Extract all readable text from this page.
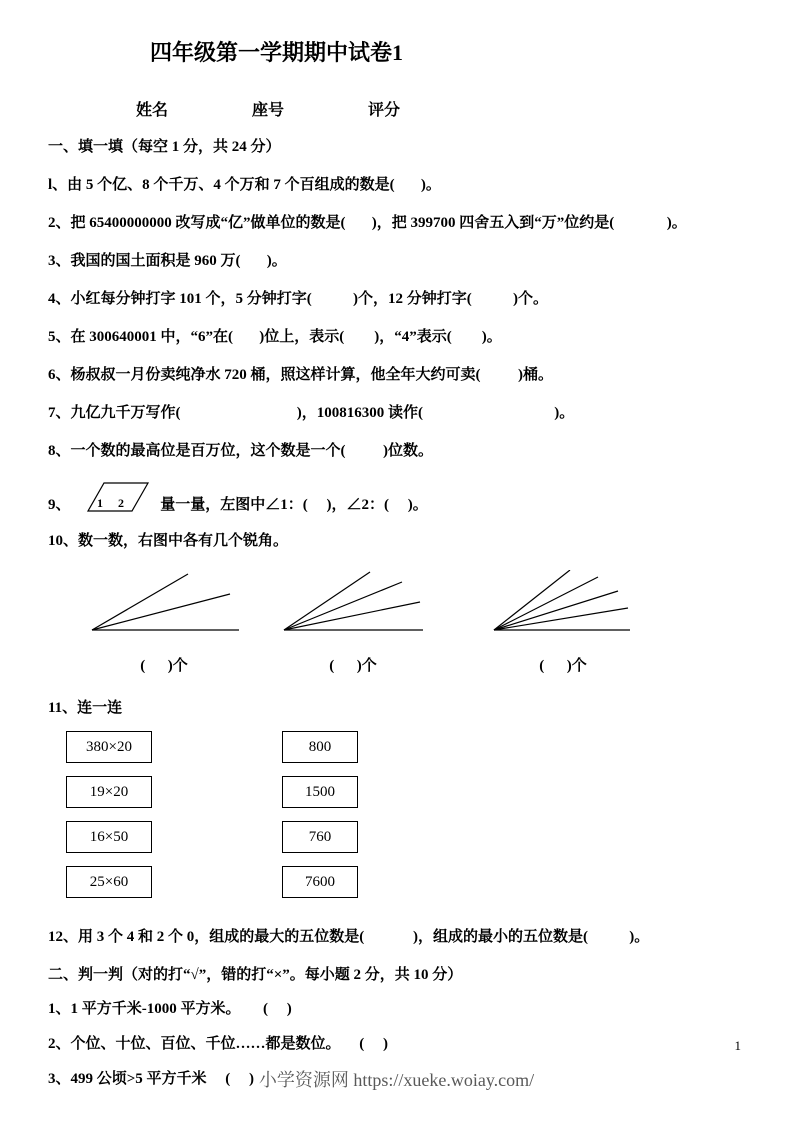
四年级第一学期期中试卷1
姓名	座号	评分

一、填一填（每空 1 分，共 24 分）

l、由 5 个亿、8 个千万、4 个万和 7 个百组成的数是(       )。

2、把 65400000000 改写成“亿”做单位的数是(       )，把 399700 四舍五入到“万”位约是(              )。

3、我国的国土面积是 960 万(       )。

4、小红每分钟打字 101 个，5 分钟打字(           )个，12 分钟打字(           )个。

5、在 300640001 中，“6”在(       )位上，表示(        )，“4”表示(        )。

6、杨叔叔一月份卖纯净水 720 桶，照这样计算，他全年大约可卖(          )桶。

7、九亿九千万写作(                               )，100816300 读作(                                   )。

8、一个数的最高位是百万位，这个数是一个(          )位数。

9、 1 2 量一量，左图中∠1：(     )，∠2：(     )。

10、数一数，右图中各有几个锐角。

(      )个	(      )个	(      )个

11、连一连

380×20
19×20
16×50
25×60
800
1500
760
7600

12、用 3 个 4 和 2 个 0，组成的最大的五位数是(             )，组成的最小的五位数是(           )。

二、判一判（对的打“√”，错的打“×”。每小题 2 分，共 10 分）

1、1 平方千米-1000 平方米。      (     )

2、个位、十位、百位、千位……都是数位。     (     )

3、499 公顷>5 平方千米     (     )

1
小学资源网 https://xueke.woiay.com/
